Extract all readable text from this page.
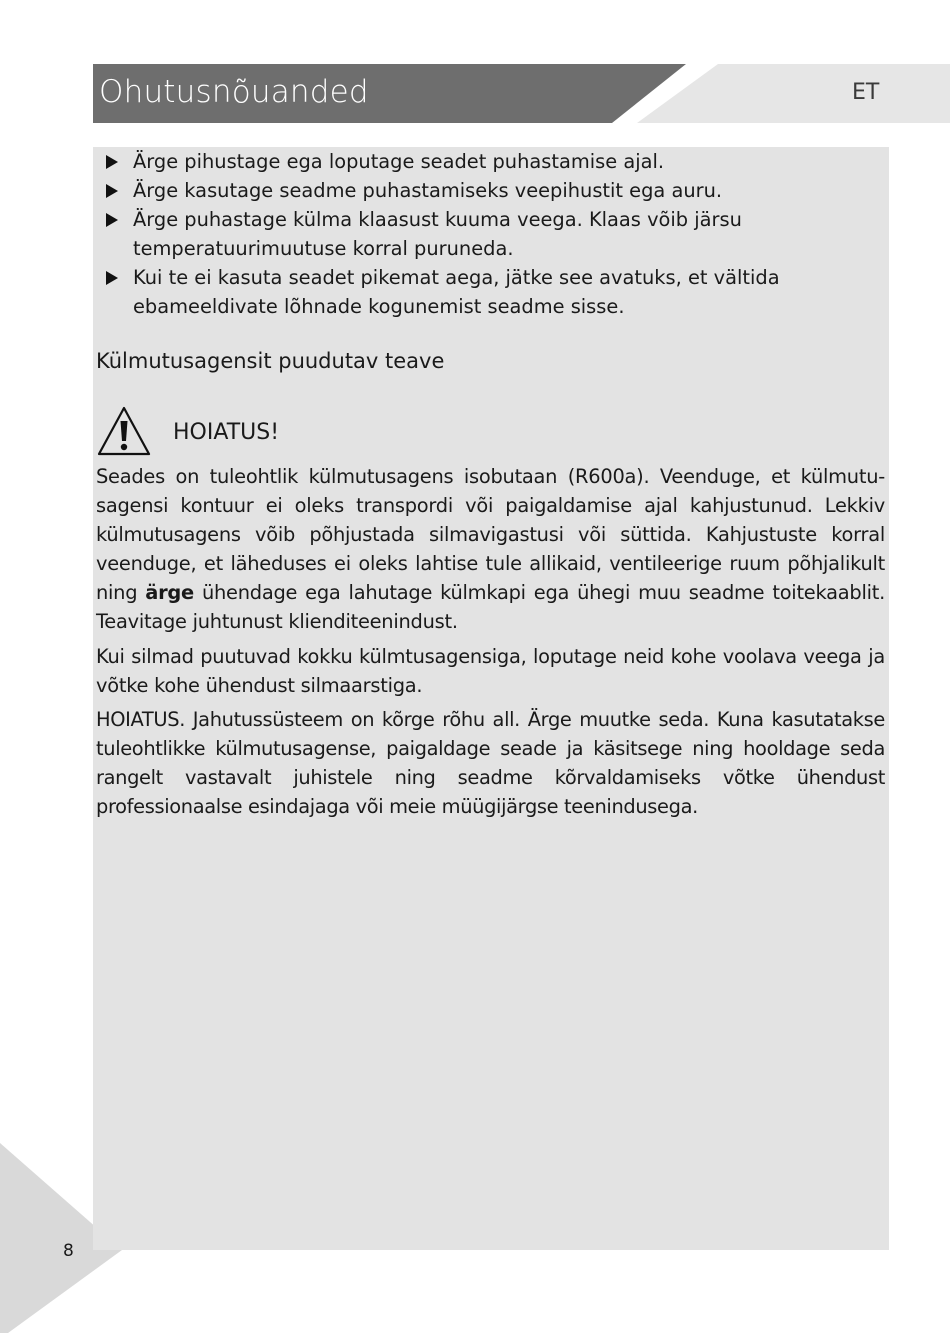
Ohutusnõuanded	ET
Ärge pihustage ega loputage seadet puhastamise ajal.
Ärge kasutage seadme puhastamiseks veepihustit ega auru.
Ärge puhastage külma klaasust kuuma veega. Klaas võib järsu temperatuurimuutuse korral puruneda.
Kui te ei kasuta seadet pikemat aega, jätke see avatuks, et vältida ebameeldivate lõhnade kogunemist seadme sisse.
Külmutusagensit puudutav teave
HOIATUS!

Seades on tuleohtlik külmutusagens isobutaan (R600a). Veenduge, et külmutu-sagensi kontuur ei oleks transpordi või paigaldamise ajal kahjustunud. Lekkiv külmutusagens võib põhjustada silmavigastusi või süttida. Kahjustuste korral veenduge, et läheduses ei oleks lahtise tule allikaid, ventileerige ruum põhjalikult ning ärge ühendage ega lahutage külmkapi ega ühegi muu seadme toitekaablit. Teavitage juhtunust klienditeenindust.

Kui silmad puutuvad kokku külmtusagensiga, loputage neid kohe voolava veega ja võtke kohe ühendust silmaarstiga.

HOIATUS. Jahutussüsteem on kõrge rõhu all. Ärge muutke seda. Kuna kasutatakse tuleohtlikke külmutusagense, paigaldage seade ja käsitsege ning hooldage seda rangelt vastavalt juhistele ning seadme kõrvaldamiseks võtke ühendust professionaalse esindajaga või meie müügijärgse teenindusega.

8
